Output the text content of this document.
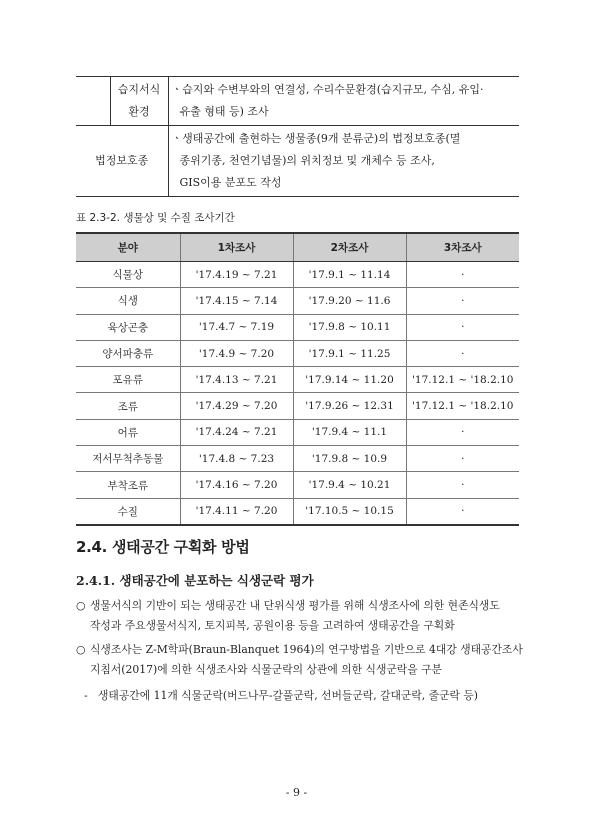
	습지서식
환경	ㆍ습지와 수변부와의 연결성, 수리수문환경(습지규모, 수심, 유입·
유출 형태 등) 조사

법정보호종		ㆍ생태공간에 출현하는 생물종(9개 분류군)의 법정보호종(멸
종위기종, 천연기념물)의 위치정보 및 개체수 등 조사,
GIS이용 분포도 작성
표 2.3-2. 생물상 및 수질 조사기간
분야	1차조사	2차조사	3차조사
식물상	'17.4.19 ~ 7.21	'17.9.1 ~ 11.14	·
식생	'17.4.15 ~ 7.14	'17.9.20 ~ 11.6	·
육상곤충	'17.4.7 ~ 7.19	'17.9.8 ~ 10.11	·
양서파충류	'17.4.9 ~ 7.20	'17.9.1 ~ 11.25	·
포유류	'17.4.13 ~ 7.21	'17.9.14 ~ 11.20	'17.12.1 ~ '18.2.10
조류	'17.4.29 ~ 7.20	'17.9.26 ~ 12.31	'17.12.1 ~ '18.2.10
어류	'17.4.24 ~ 7.21	'17.9.4 ~ 11.1	·
저서무척추동물	'17.4.8 ~ 7.23	'17.9.8 ~ 10.9	·
부착조류	'17.4.16 ~ 7.20	'17.9.4 ~ 10.21	·
수질	'17.4.11 ~ 7.20	'17.10.5 ~ 10.15	·
2.4. 생태공간 구획화 방법
2.4.1. 생태공간에 분포하는 식생군락 평가
○ 생물서식의 기반이 되는 생태공간 내 단위식생 평가를 위해 식생조사에 의한 현존식생도
작성과 주요생물서식지, 토지피복, 공원이용 등을 고려하여 생태공간을 구획화
○ 식생조사는 Z-M학파(Braun-Blanquet 1964)의 연구방법을 기반으로 4대강 생태공간조사
지침서(2017)에 의한 식생조사와 식물군락의 상관에 의한 식생군락을 구분
- 생태공간에 11개 식물군락(버드나무-갈풀군락, 선버들군락, 갈대군락, 줄군락 등)
- 9 -
